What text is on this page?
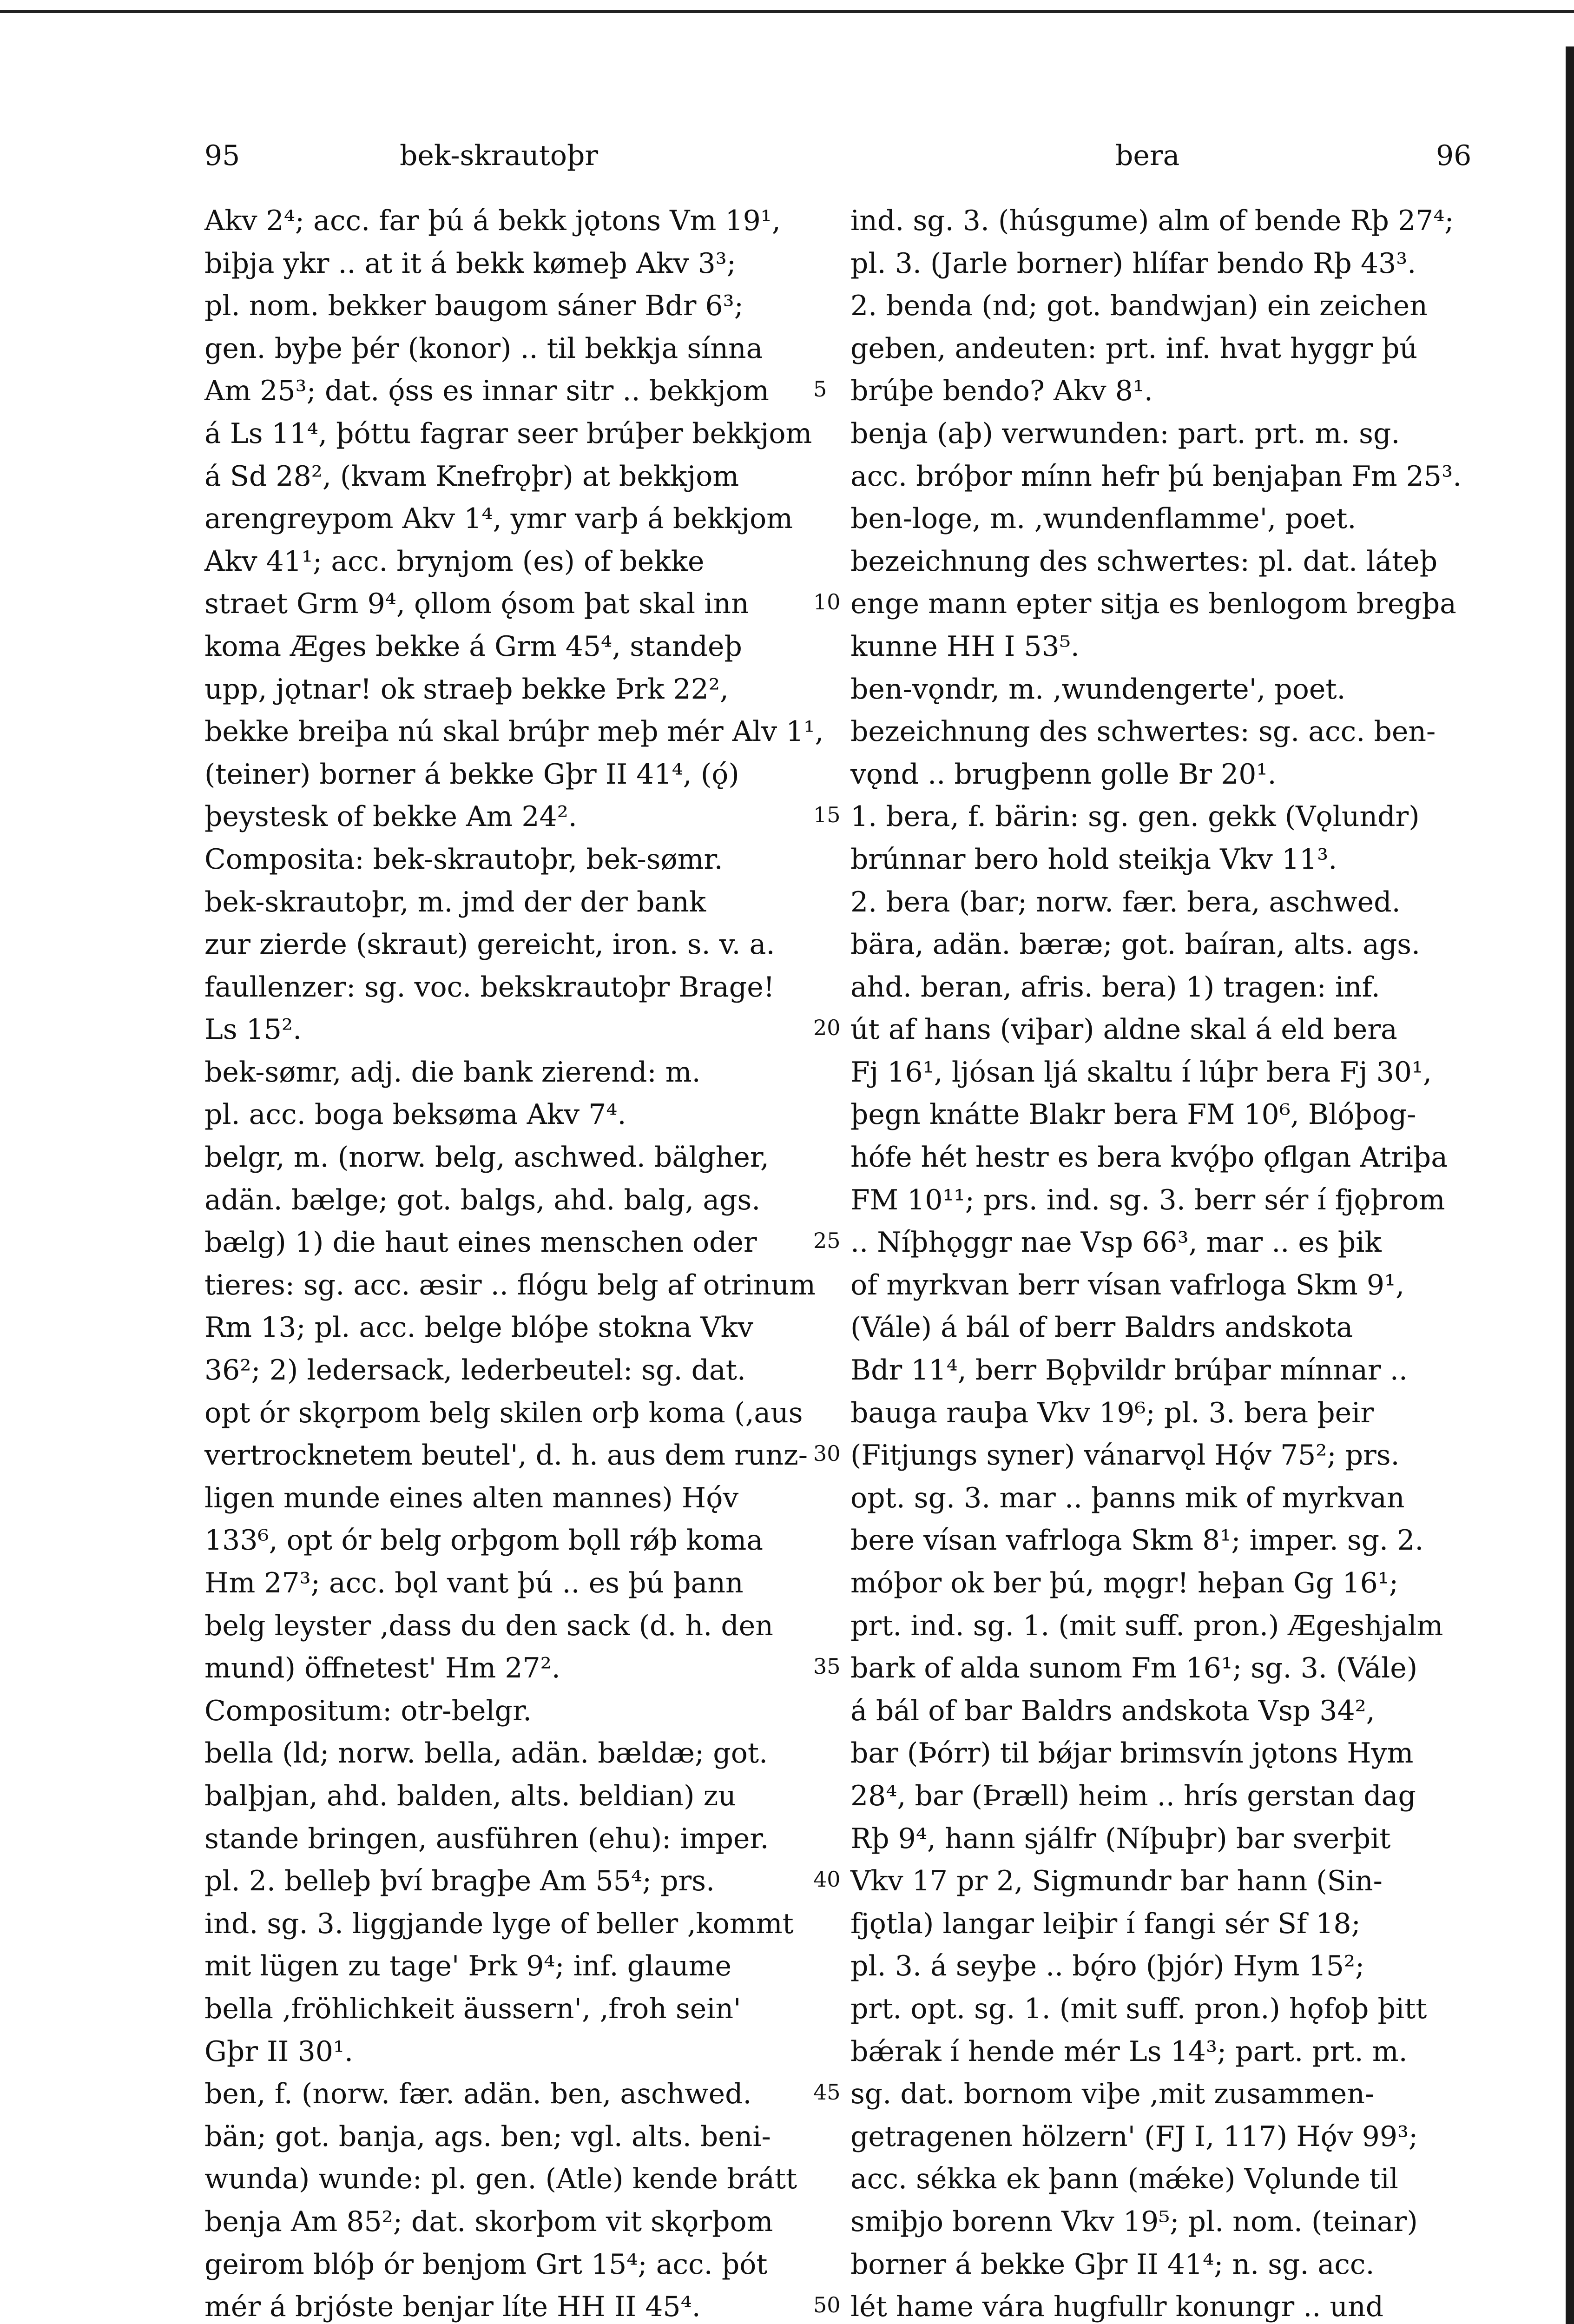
95	bek-skrautoþr	bera	96
Akv 2⁴; acc. far þú á bekk jǫtons Vm 19¹,
biþja ykr .. at it á bekk kømeþ Akv 3³;
pl. nom. bekker baugom sáner Bdr 6³;
gen. byþe þér (konor) .. til bekkja sínna
Am 25³; dat. ǫ́ss es innar sitr .. bekkjom
á Ls 11⁴, þóttu fagrar seer brúþer bekkjom
á Sd 28², (kvam Knefrǫþr) at bekkjom
arengreypom Akv 1⁴, ymr varþ á bekkjom
Akv 41¹; acc. brynjom (es) of bekke
straet Grm 9⁴, ǫllom ǫ́som þat skal inn
koma Æges bekke á Grm 45⁴, standeþ
upp, jǫtnar! ok straeþ bekke Þrk 22²,
bekke breiþa nú skal brúþr meþ mér Alv 1¹,
(teiner) borner á bekke Gþr II 41⁴, (ǫ́)
þeystesk of bekke Am 24².
Composita: bek-skrautoþr, bek-sømr.
bek-skrautoþr, m. jmd der der bank
zur zierde (skraut) gereicht, iron. s. v. a.
faullenzer: sg. voc. bekskrautoþr Brage!
Ls 15².
bek-sømr, adj. die bank zierend: m.
pl. acc. boga beksøma Akv 7⁴.
belgr, m. (norw. belg, aschwed. bälgher,
adän. bælge; got. balgs, ahd. balg, ags.
bælg) 1) die haut eines menschen oder
tieres: sg. acc. æsir .. flógu belg af otrinum
Rm 13; pl. acc. belge blóþe stokna Vkv
36²; 2) ledersack, lederbeutel: sg. dat.
opt ór skǫrpom belg skilen orþ koma (‚aus
vertrocknetem beutel', d. h. aus dem runz-
ligen munde eines alten mannes) Hǫ́v
133⁶, opt ór belg orþgom bǫll rǿþ koma
Hm 27³; acc. bǫl vant þú .. es þú þann
belg leyster ‚dass du den sack (d. h. den
mund) öffnetest' Hm 27².
Compositum: otr-belgr.
bella (ld; norw. bella, adän. bældæ; got.
balþjan, ahd. balden, alts. beldian) zu
stande bringen, ausführen (ehu): imper.
pl. 2. belleþ því bragþe Am 55⁴; prs.
ind. sg. 3. liggjande lyge of beller ‚kommt
mit lügen zu tage' Þrk 9⁴; inf. glaume
bella ‚fröhlichkeit äussern', ‚froh sein'
Gþr II 30¹.
ben, f. (norw. fær. adän. ben, aschwed.
bän; got. banja, ags. ben; vgl. alts. beni-
wunda) wunde: pl. gen. (Atle) kende brátt
benja Am 85²; dat. skorþom vit skǫrþom
geirom blóþ ór benjom Grt 15⁴; acc. þót
mér á brjóste benjar líte HH II 45⁴.
5
10
15
20
25
30
35
40
45
50
ind. sg. 3. (húsgume) alm of bende Rþ 27⁴;
pl. 3. (Jarle borner) hlífar bendo Rþ 43³.
2. benda (nd; got. bandwjan) ein zeichen
geben, andeuten: prt. inf. hvat hyggr þú
brúþe bendo? Akv 8¹.
benja (aþ) verwunden: part. prt. m. sg.
acc. bróþor mínn hefr þú benjaþan Fm 25³.
ben-loge, m. ‚wundenflamme', poet.
bezeichnung des schwertes: pl. dat. láteþ
enge mann epter sitja es benlogom bregþa
kunne HH I 53⁵.
ben-vǫndr, m. ‚wundengerte', poet.
bezeichnung des schwertes: sg. acc. ben-
vǫnd .. brugþenn golle Br 20¹.
1. bera, f. bärin: sg. gen. gekk (Vǫlundr)
brúnnar bero hold steikja Vkv 11³.
2. bera (bar; norw. fær. bera, aschwed.
bära, adän. bæræ; got. baíran, alts. ags.
ahd. beran, afris. bera) 1) tragen: inf.
út af hans (viþar) aldne skal á eld bera
Fj 16¹, ljósan ljá skaltu í lúþr bera Fj 30¹,
þegn knátte Blakr bera FM 10⁶, Blóþog-
hófe hét hestr es bera kvǫ́þo ǫflgan Atriþa
FM 10¹¹; prs. ind. sg. 3. berr sér í fjǫþrom
.. Níþhǫggr nae Vsp 66³, mar .. es þik
of myrkvan berr vísan vafrloga Skm 9¹,
(Vále) á bál of berr Baldrs andskota
Bdr 11⁴, berr Bǫþvildr brúþar mínnar ..
bauga rauþa Vkv 19⁶; pl. 3. bera þeir
(Fitjungs syner) vánarvǫl Hǫ́v 75²; prs.
opt. sg. 3. mar .. þanns mik of myrkvan
bere vísan vafrloga Skm 8¹; imper. sg. 2.
móþor ok ber þú, mǫgr! heþan Gg 16¹;
prt. ind. sg. 1. (mit suff. pron.) Ægeshjalm
bark of alda sunom Fm 16¹; sg. 3. (Vále)
á bál of bar Baldrs andskota Vsp 34²,
bar (Þórr) til bǿjar brimsvín jǫtons Hym
28⁴, bar (Þræll) heim .. hrís gerstan dag
Rþ 9⁴, hann sjálfr (Níþuþr) bar sverþit
Vkv 17 pr 2, Sigmundr bar hann (Sin-
fjǫtla) langar leiþir í fangi sér Sf 18;
pl. 3. á seyþe .. bǫ́ro (þjór) Hym 15²;
prt. opt. sg. 1. (mit suff. pron.) hǫfoþ þitt
bǽrak í hende mér Ls 14³; part. prt. m.
sg. dat. bornom viþe ‚mit zusammen-
getragenen hölzern' (FJ I, 117) Hǫ́v 99³;
acc. sékka ek þann (mǽke) Vǫlunde til
smiþjo borenn Vkv 19⁵; pl. nom. (teinar)
borner á bekke Gþr II 41⁴; n. sg. acc.
lét hame vára hugfullr konungr .. und
